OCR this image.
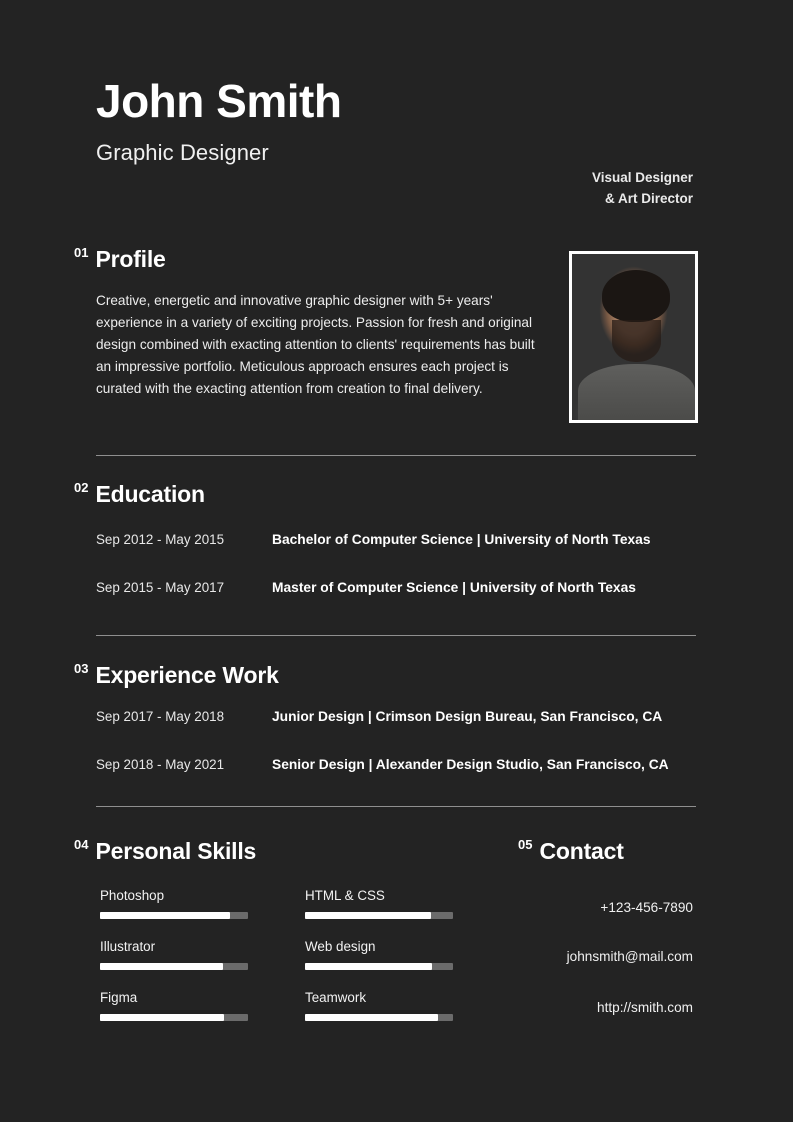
John Smith
Graphic Designer
Visual Designer
& Art Director
01 Profile
Creative, energetic and innovative graphic designer with 5+ years' experience in a variety of exciting projects. Passion for fresh and original design combined with exacting attention to clients' requirements has built an impressive portfolio. Meticulous approach ensures each project is curated with the exacting attention from creation to final delivery.
02 Education
Sep 2012 - May 2015	Bachelor of Computer Science | University of North Texas
Sep 2015 - May 2017	Master of Computer Science | University of North Texas
03 Experience Work
Sep 2017 - May 2018	Junior Design | Crimson Design Bureau, San Francisco, CA
Sep 2018 - May 2021	Senior Design | Alexander Design Studio, San Francisco, CA
04 Personal Skills
Photoshop
Illustrator
Figma
HTML & CSS
Web design
Teamwork
05 Contact
+123-456-7890
johnsmith@mail.com
http://smith.com
